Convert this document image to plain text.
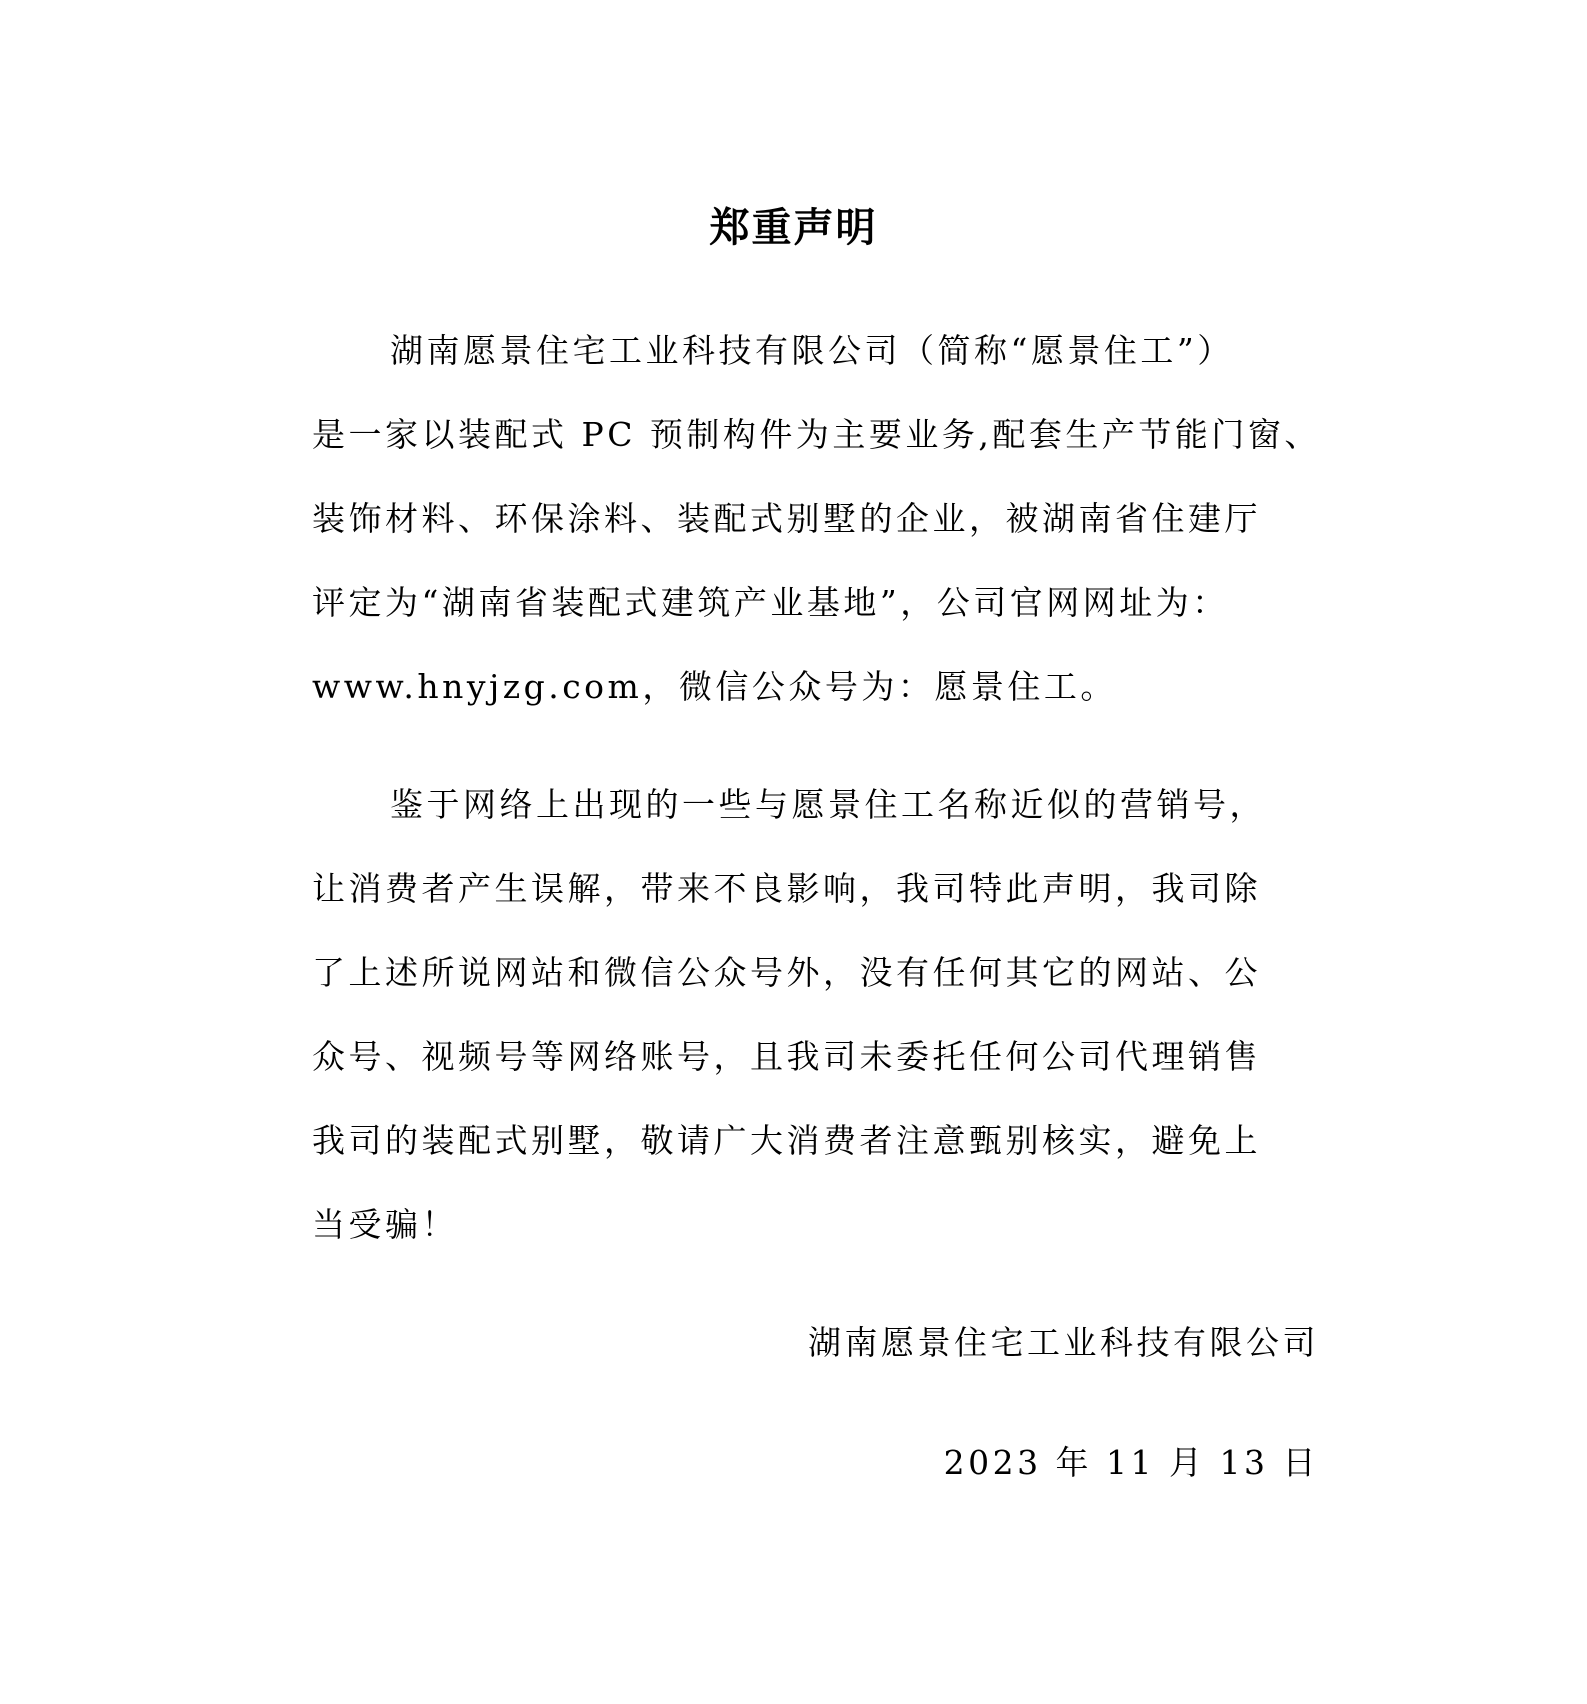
郑重声明
湖南愿景住宅工业科技有限公司（简称“愿景住工”）
是一家以装配式 PC 预制构件为主要业务,配套生产节能门窗、
装饰材料、环保涂料、装配式别墅的企业，被湖南省住建厅
评定为“湖南省装配式建筑产业基地”，公司官网网址为：
www.hnyjzg.com，微信公众号为：愿景住工。
鉴于网络上出现的一些与愿景住工名称近似的营销号，
让消费者产生误解，带来不良影响，我司特此声明，我司除
了上述所说网站和微信公众号外，没有任何其它的网站、公
众号、视频号等网络账号，且我司未委托任何公司代理销售
我司的装配式别墅，敬请广大消费者注意甄别核实，避免上
当受骗！
湖南愿景住宅工业科技有限公司
2023 年 11 月 13 日
